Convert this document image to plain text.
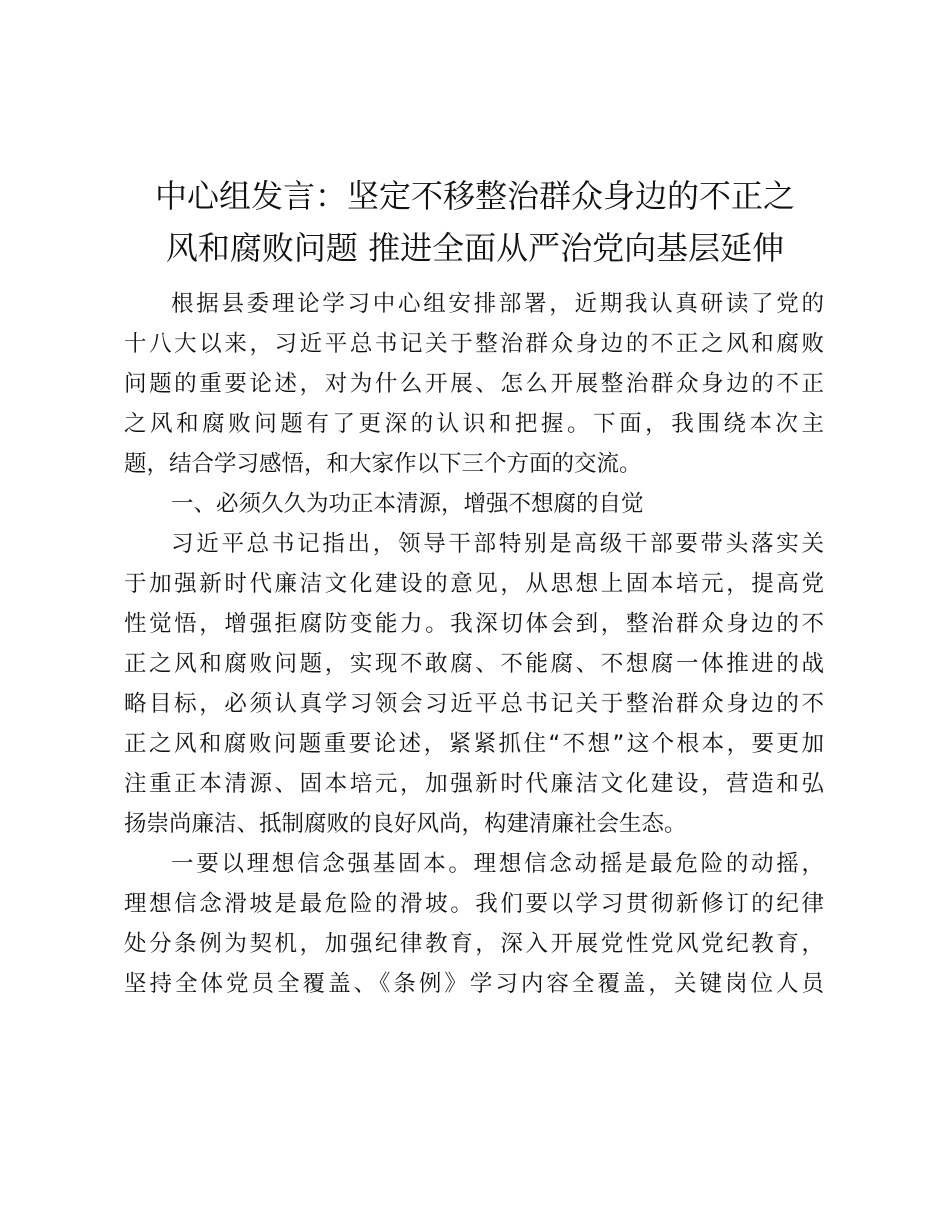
中心组发言：坚定不移整治群众身边的不正之
风和腐败问题 推进全面从严治党向基层延伸
根据县委理论学习中心组安排部署，近期我认真研读了党的
十八大以来，习近平总书记关于整治群众身边的不正之风和腐败
问题的重要论述，对为什么开展、怎么开展整治群众身边的不正
之风和腐败问题有了更深的认识和把握。下面，我围绕本次主
题，结合学习感悟，和大家作以下三个方面的交流。
一、必须久久为功正本清源，增强不想腐的自觉
习近平总书记指出，领导干部特别是高级干部要带头落实关
于加强新时代廉洁文化建设的意见，从思想上固本培元，提高党
性觉悟，增强拒腐防变能力。我深切体会到，整治群众身边的不
正之风和腐败问题，实现不敢腐、不能腐、不想腐一体推进的战
略目标，必须认真学习领会习近平总书记关于整治群众身边的不
正之风和腐败问题重要论述，紧紧抓住“不想”这个根本，要更加
注重正本清源、固本培元，加强新时代廉洁文化建设，营造和弘
扬崇尚廉洁、抵制腐败的良好风尚，构建清廉社会生态。
一要以理想信念强基固本。理想信念动摇是最危险的动摇，
理想信念滑坡是最危险的滑坡。我们要以学习贯彻新修订的纪律
处分条例为契机，加强纪律教育，深入开展党性党风党纪教育，
坚持全体党员全覆盖、《条例》学习内容全覆盖，关键岗位人员
